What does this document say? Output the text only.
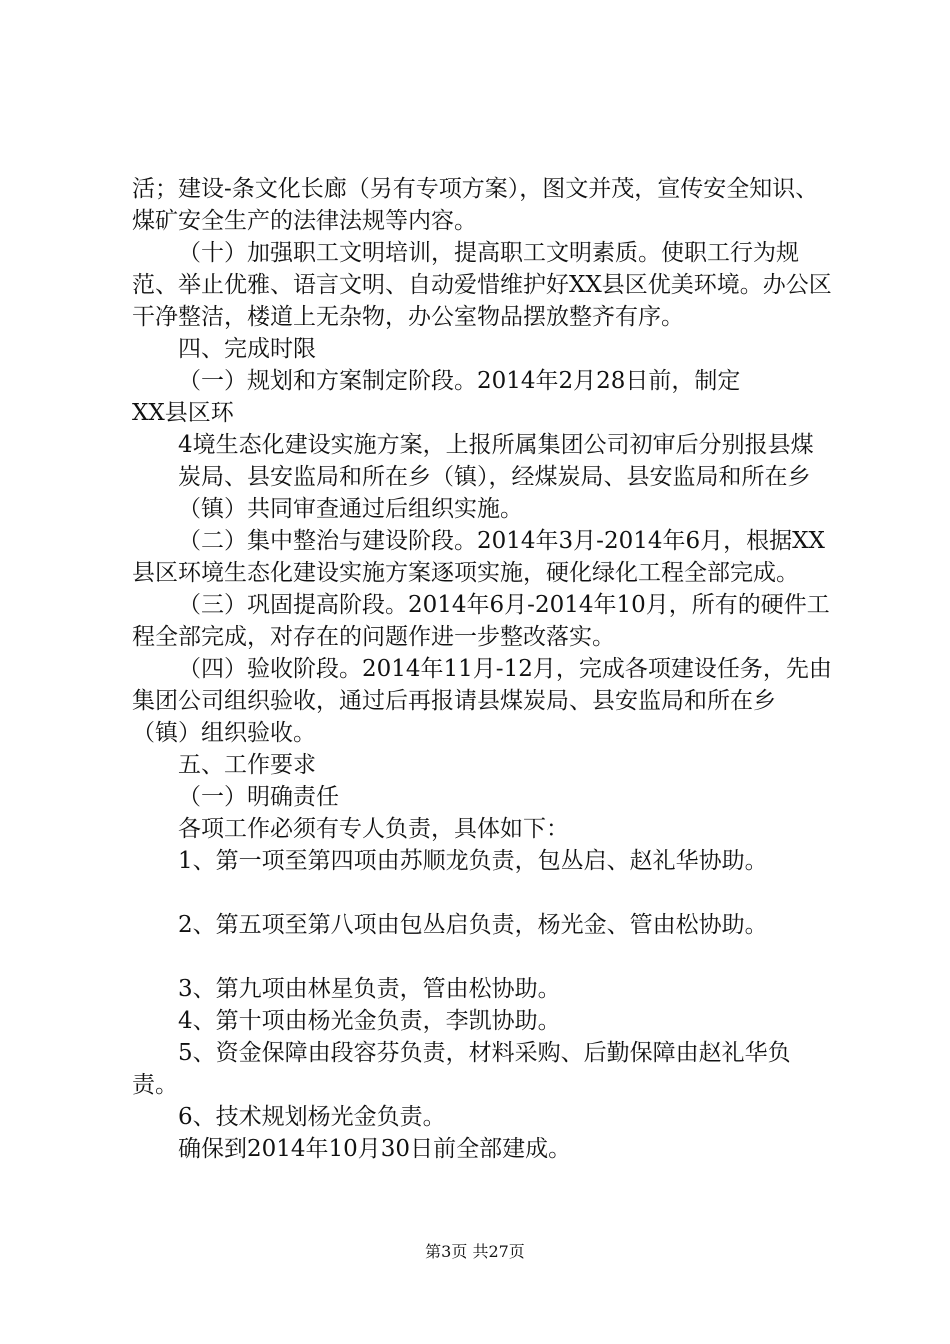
活；建设-条文化长廊（另有专项方案），图文并茂，宣传安全知识、煤矿安全生产的法律法规等内容。

（十）加强职工文明培训，提高职工文明素质。使职工行为规范、举止优雅、语言文明、自动爱惜维护好XX县区优美环境。办公区干净整洁，楼道上无杂物，办公室物品摆放整齐有序。

四、完成时限

（一）规划和方案制定阶段。2014年2月28日前，制定

XX县区环

4境生态化建设实施方案，上报所属集团公司初审后分别报县煤炭局、县安监局和所在乡（镇），经煤炭局、县安监局和所在乡（镇）共同审查通过后组织实施。

（二）集中整治与建设阶段。2014年3月-2014年6月，根据XX县区环境生态化建设实施方案逐项实施，硬化绿化工程全部完成。

（三）巩固提高阶段。2014年6月-2014年10月，所有的硬件工程全部完成，对存在的问题作进一步整改落实。

（四）验收阶段。2014年11月-12月，完成各项建设任务，先由集团公司组织验收，通过后再报请县煤炭局、县安监局和所在乡（镇）组织验收。

五、工作要求

（一）明确责任

各项工作必须有专人负责，具体如下：

1、第一项至第四项由苏顺龙负责，包丛启、赵礼华协助。

2、第五项至第八项由包丛启负责，杨光金、管由松协助。

3、第九项由林星负责，管由松协助。

4、第十项由杨光金负责，李凯协助。

5、资金保障由段容芬负责，材料采购、后勤保障由赵礼华负责。

6、技术规划杨光金负责。

确保到2014年10月30日前全部建成。

第3页 共27页
